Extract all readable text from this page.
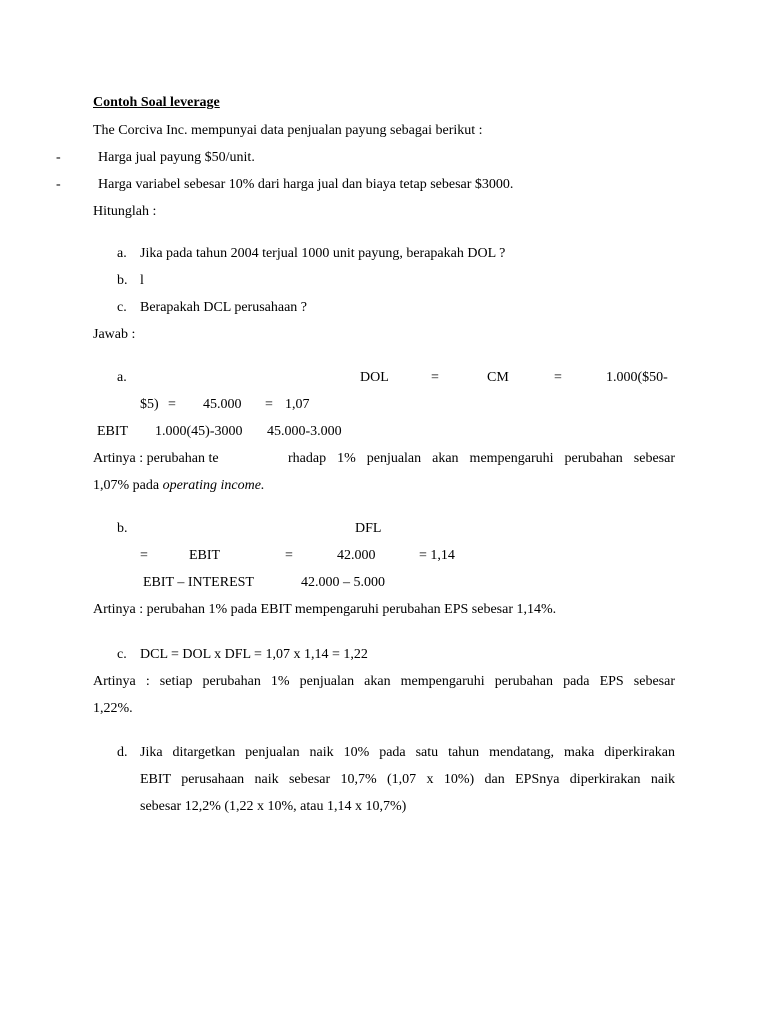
Contoh Soal leverage
The Corciva Inc. mempunyai data penjualan payung sebagai berikut :
-	Harga jual payung $50/unit.
-	Harga variabel sebesar 10% dari harga jual dan biaya tetap sebesar $3000.
Hitunglah :
a. Jika pada tahun 2004 terjual 1000 unit payung, berapakah DOL ?
b. l
c. Berapakah DCL perusahaan ?
Jawab :
a.	DOL	=	CM	=	1.000($50-
$5) = 45.000 = 1,07
EBIT 1.000(45)-3000 45.000-3.000
Artinya : perubahan te	rhadap 1% penjualan akan mempengaruhi perubahan sebesar
1,07% pada operating income.
b.	DFL
=	EBIT	=	42.000	= 1,14
EBIT – INTEREST	42.000 – 5.000
Artinya : perubahan 1% pada EBIT mempengaruhi perubahan EPS sebesar 1,14%.
c. DCL = DOL x DFL = 1,07 x 1,14 = 1,22
Artinya : setiap perubahan 1% penjualan akan mempengaruhi perubahan pada EPS sebesar
1,22%.
d. Jika ditargetkan penjualan naik 10% pada satu tahun mendatang, maka diperkirakan
EBIT perusahaan naik sebesar 10,7% (1,07 x 10%) dan EPSnya diperkirakan naik
sebesar 12,2% (1,22 x 10%, atau 1,14 x 10,7%)
